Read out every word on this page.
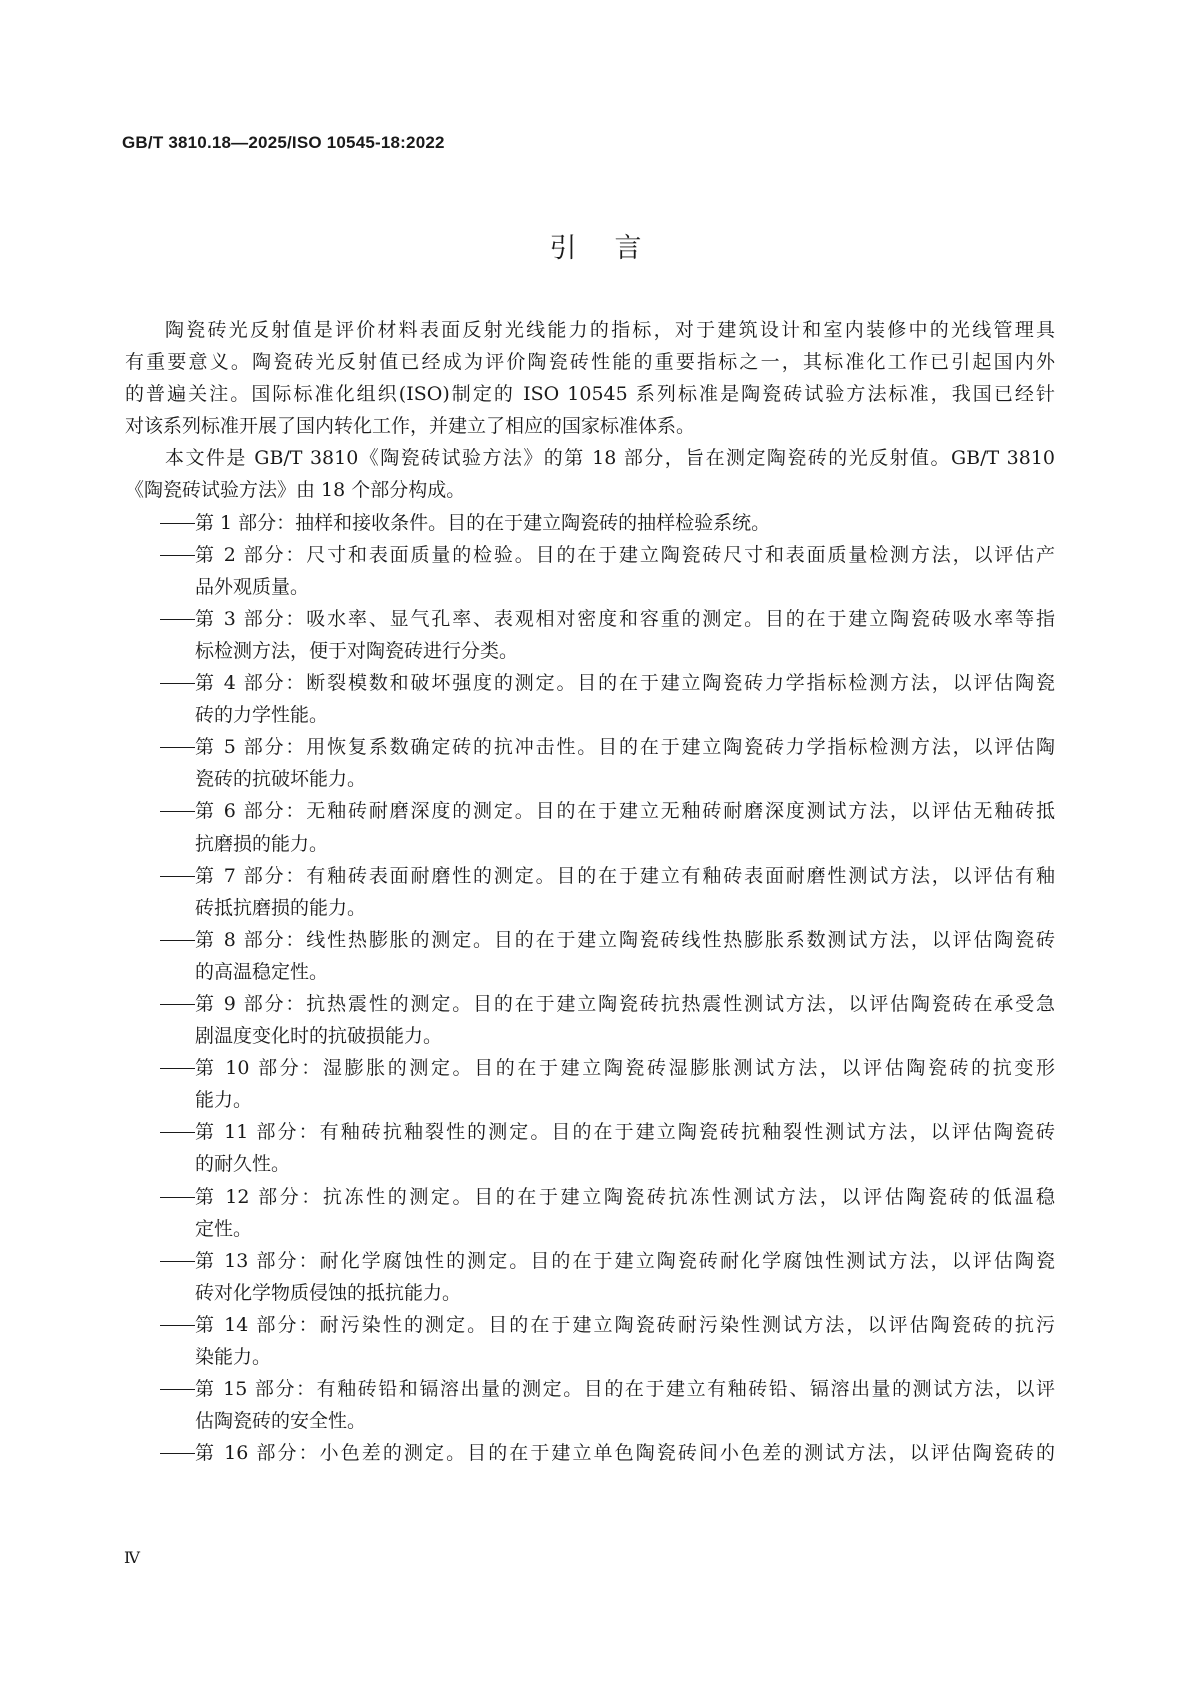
GB/T 3810.18—2025/ISO 10545-18:2022
引言
陶瓷砖光反射值是评价材料表面反射光线能力的指标，对于建筑设计和室内装修中的光线管理具
有重要意义。陶瓷砖光反射值已经成为评价陶瓷砖性能的重要指标之一，其标准化工作已引起国内外
的普遍关注。国际标准化组织(ISO)制定的 ISO 10545 系列标准是陶瓷砖试验方法标准，我国已经针
对该系列标准开展了国内转化工作，并建立了相应的国家标准体系。
本文件是 GB/T 3810《陶瓷砖试验方法》的第 18 部分，旨在测定陶瓷砖的光反射值。GB/T 3810
《陶瓷砖试验方法》由 18 个部分构成。
第 1 部分：抽样和接收条件。目的在于建立陶瓷砖的抽样检验系统。
第 2 部分：尺寸和表面质量的检验。目的在于建立陶瓷砖尺寸和表面质量检测方法，以评估产
品外观质量。
第 3 部分：吸水率、显气孔率、表观相对密度和容重的测定。目的在于建立陶瓷砖吸水率等指
标检测方法，便于对陶瓷砖进行分类。
第 4 部分：断裂模数和破坏强度的测定。目的在于建立陶瓷砖力学指标检测方法，以评估陶瓷
砖的力学性能。
第 5 部分：用恢复系数确定砖的抗冲击性。目的在于建立陶瓷砖力学指标检测方法，以评估陶
瓷砖的抗破坏能力。
第 6 部分：无釉砖耐磨深度的测定。目的在于建立无釉砖耐磨深度测试方法，以评估无釉砖抵
抗磨损的能力。
第 7 部分：有釉砖表面耐磨性的测定。目的在于建立有釉砖表面耐磨性测试方法，以评估有釉
砖抵抗磨损的能力。
第 8 部分：线性热膨胀的测定。目的在于建立陶瓷砖线性热膨胀系数测试方法，以评估陶瓷砖
的高温稳定性。
第 9 部分：抗热震性的测定。目的在于建立陶瓷砖抗热震性测试方法，以评估陶瓷砖在承受急
剧温度变化时的抗破损能力。
第 10 部分：湿膨胀的测定。目的在于建立陶瓷砖湿膨胀测试方法，以评估陶瓷砖的抗变形
能力。
第 11 部分：有釉砖抗釉裂性的测定。目的在于建立陶瓷砖抗釉裂性测试方法，以评估陶瓷砖
的耐久性。
第 12 部分：抗冻性的测定。目的在于建立陶瓷砖抗冻性测试方法，以评估陶瓷砖的低温稳
定性。
第 13 部分：耐化学腐蚀性的测定。目的在于建立陶瓷砖耐化学腐蚀性测试方法，以评估陶瓷
砖对化学物质侵蚀的抵抗能力。
第 14 部分：耐污染性的测定。目的在于建立陶瓷砖耐污染性测试方法，以评估陶瓷砖的抗污
染能力。
第 15 部分：有釉砖铅和镉溶出量的测定。目的在于建立有釉砖铅、镉溶出量的测试方法，以评
估陶瓷砖的安全性。
第 16 部分：小色差的测定。目的在于建立单色陶瓷砖间小色差的测试方法，以评估陶瓷砖的
Ⅳ
